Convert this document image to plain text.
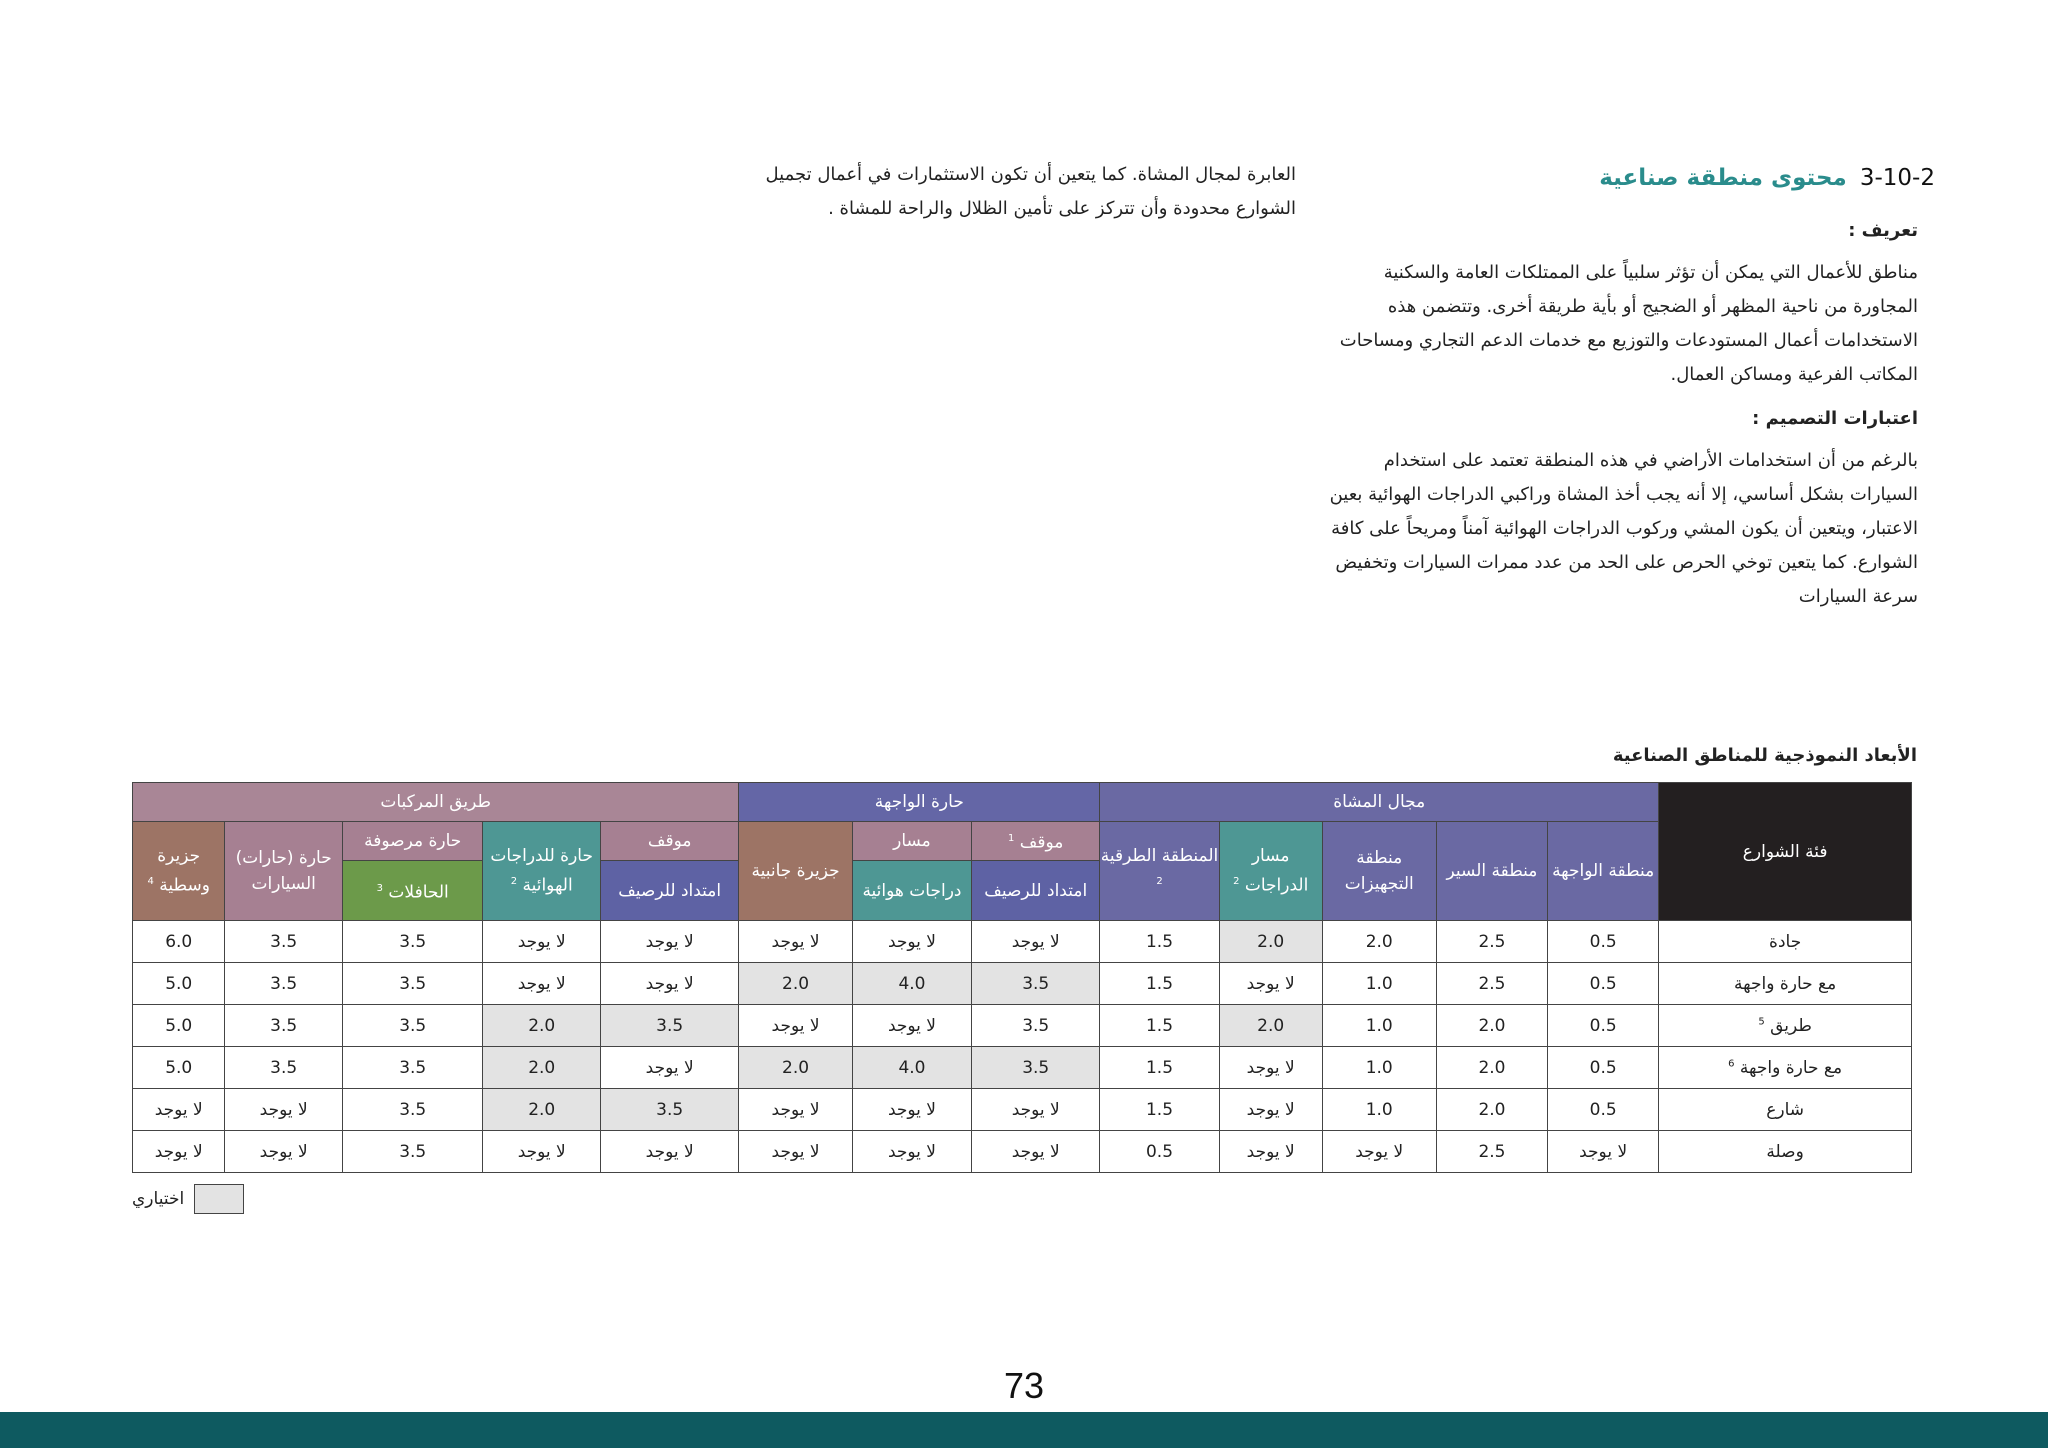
3-10-2 محتوى منطقة صناعية
تعريف :

مناطق للأعمال التي يمكن أن تؤثر سلبياً على الممتلكات العامة والسكنية المجاورة من ناحية المظهر أو الضجيج أو بأية طريقة أخرى. وتتضمن هذه الاستخدامات أعمال المستودعات والتوزيع مع خدمات الدعم التجاري ومساحات المكاتب الفرعية ومساكن العمال.

اعتبارات التصميم :

بالرغم من أن استخدامات الأراضي في هذه المنطقة تعتمد على استخدام السيارات بشكل أساسي، إلا أنه يجب أخذ المشاة وراكبي الدراجات الهوائية بعين الاعتبار، ويتعين أن يكون المشي وركوب الدراجات الهوائية آمناً ومريحاً على كافة الشوارع. كما يتعين توخي الحرص على الحد من عدد ممرات السيارات وتخفيض سرعة السيارات

العابرة لمجال المشاة. كما يتعين أن تكون الاستثمارات في أعمال تجميل الشوارع محدودة وأن تتركز على تأمين الظلال والراحة للمشاة .

الأبعاد النموذجية للمناطق الصناعية
فئة الشوارع	مجال المشاة					حارة الواجهة			طريق المركبات				
	منطقة الواجهة	منطقة السير	منطقة التجهيزات	مسار الدراجات $^2$	المنطقة الطرقية $^2$	موقف $^1$	مسار	جزيرة جانبية	موقف	حارة للدراجات الهوائية $^2$	حارة مرصوفة	حارة (حارات) السيارات	جزيرة وسطية $^4$
						امتداد للرصيف	دراجات هوائية		امتداد للرصيف		الحافلات $^3$
جادة	0.5	2.5	2.0	2.0	1.5	لا يوجد	لا يوجد	لا يوجد	لا يوجد	لا يوجد	3.5	3.5	6.0
مع حارة واجهة	0.5	2.5	1.0	لا يوجد	1.5	3.5	4.0	2.0	لا يوجد	لا يوجد	3.5	3.5	5.0
طريق $^5$	0.5	2.0	1.0	2.0	1.5	3.5	لا يوجد	لا يوجد	3.5	2.0	3.5	3.5	5.0
مع حارة واجهة $^6$	0.5	2.0	1.0	لا يوجد	1.5	3.5	4.0	2.0	لا يوجد	2.0	3.5	3.5	5.0
شارع	0.5	2.0	1.0	لا يوجد	1.5	لا يوجد	لا يوجد	لا يوجد	3.5	2.0	3.5	لا يوجد	لا يوجد
وصلة	لا يوجد	2.5	لا يوجد	لا يوجد	0.5	لا يوجد	لا يوجد	لا يوجد	لا يوجد	لا يوجد	3.5	لا يوجد	لا يوجد
اختياري
73
